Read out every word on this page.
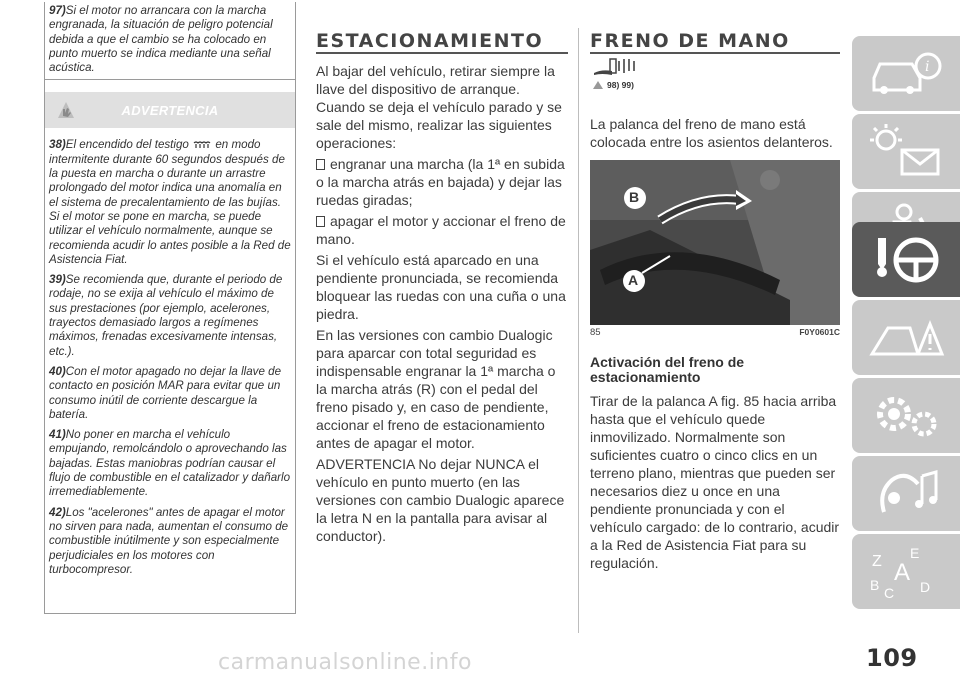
97)Si el motor no arrancara con la marcha engranada, la situación de peligro potencial debida a que el cambio se ha colocado en punto muerto se indica mediante una señal acústica.
ADVERTENCIA
38)El encendido del testigo en modo intermitente durante 60 segundos después de la puesta en marcha o durante un arrastre prolongado del motor indica una anomalía en el sistema de precalentamiento de las bujías. Si el motor se pone en marcha, se puede utilizar el vehículo normalmente, aunque se recomienda acudir lo antes posible a la Red de Asistencia Fiat.
39)Se recomienda que, durante el periodo de rodaje, no se exija al vehículo el máximo de sus prestaciones (por ejemplo, acelerones, trayectos demasiado largos a regímenes máximos, frenadas excesivamente intensas, etc.).
40)Con el motor apagado no dejar la llave de contacto en posición MAR para evitar que un consumo inútil de corriente descargue la batería.
41)No poner en marcha el vehículo empujando, remolcándolo o aprovechando las bajadas. Estas maniobras podrían causar el flujo de combustible en el catalizador y dañarlo irremediablemente.
42)Los "acelerones" antes de apagar el motor no sirven para nada, aumentan el consumo de combustible inútilmente y son especialmente perjudiciales en los motores con turbocompresor.
ESTACIONAMIENTO

Al bajar del vehículo, retirar siempre la llave del dispositivo de arranque. Cuando se deja el vehículo parado y se sale del mismo, realizar las siguientes operaciones:

engranar una marcha (la 1ª en subida o la marcha atrás en bajada) y dejar las ruedas giradas;

apagar el motor y accionar el freno de mano.

Si el vehículo está aparcado en una pendiente pronunciada, se recomienda bloquear las ruedas con una cuña o una piedra.

En las versiones con cambio Dualogic para aparcar con total seguridad es indispensable engranar la 1ª marcha o la marcha atrás (R) con el pedal del freno pisado y, en caso de pendiente, accionar el freno de estacionamiento antes de apagar el motor.

ADVERTENCIA No dejar NUNCA el vehículo en punto muerto (en las versiones con cambio Dualogic aparece la letra N en la pantalla para avisar al conductor).

FRENO DE MANO
98) 99)
La palanca del freno de mano está colocada entre los asientos delanteros.
B
A
85	F0Y0601C
Activación del freno de estacionamiento
Tirar de la palanca A fig. 85 hacia arriba hasta que el vehículo quede inmovilizado. Normalmente son suficientes cuatro o cinco clics en un terreno plano, mientras que pueden ser necesarios diez u once en una pendiente pronunciada y con el vehículo cargado: de lo contrario, acudir a la Red de Asistencia Fiat para su regulación.
i
Z E
A
B C D
109
carmanualsonline.info
